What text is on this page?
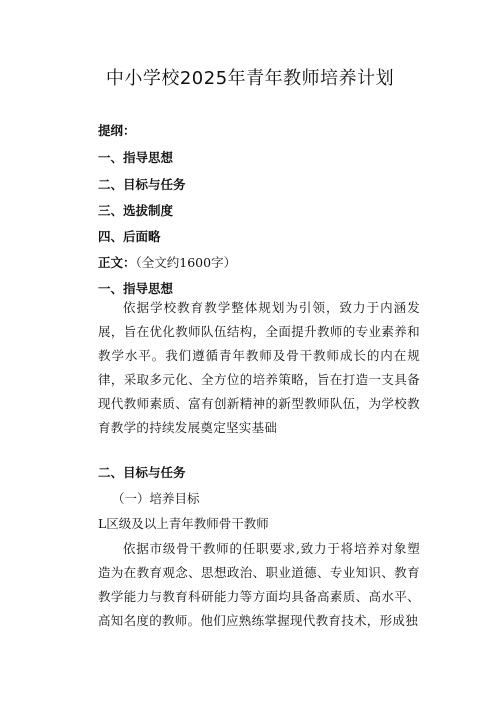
中小学校2025年青年教师培养计划
提纲：
一、指导思想
二、目标与任务
三、选拔制度
四、后面略
正文：（全文约1600字）
一、指导思想
依据学校教育教学整体规划为引领，致力于内涵发展，旨在优化教师队伍结构，全面提升教师的专业素养和教学水平。我们遵循青年教师及骨干教师成长的内在规律，采取多元化、全方位的培养策略，旨在打造一支具备现代教师素质、富有创新精神的新型教师队伍，为学校教育教学的持续发展奠定坚实基础
二、目标与任务
（一）培养目标
L区级及以上青年教师骨干教师
依据市级骨干教师的任职要求,致力于将培养对象塑造为在教育观念、思想政治、职业道德、专业知识、教育教学能力与教育科研能力等方面均具备高素质、高水平、高知名度的教师。他们应熟练掌握现代教育技术，形成独
